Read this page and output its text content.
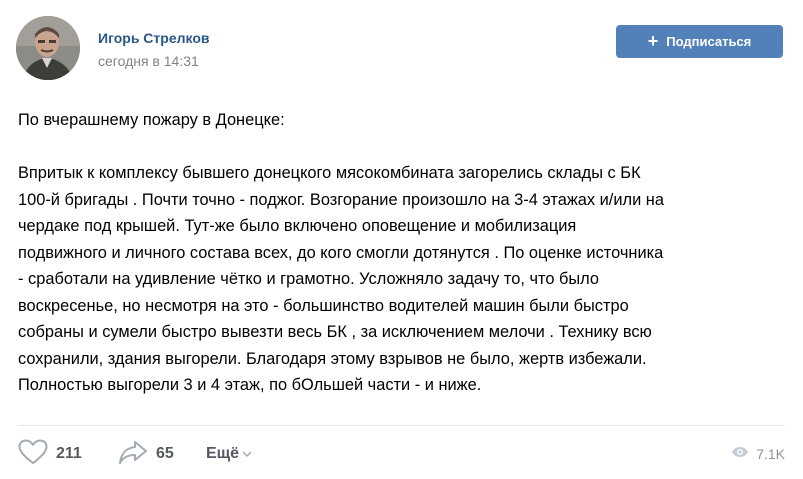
Игорь Стрелков
сегодня в 14:31
+ Подписаться

По вчерашнему пожару в Донецке:

Впритык к комплексу бывшего донецкого мясокомбината загорелись склады с БК

100-й бригады . Почти точно - поджог. Возгорание произошло на 3-4 этажах и/или на

чердаке под крышей. Тут-же было включено оповещение и мобилизация

подвижного и личного состава всех, до кого смогли дотянутся . По оценке источника

- сработали на удивление чётко и грамотно. Усложняло задачу то, что было

воскресенье, но несмотря на это - большинство водителей машин были быстро

собраны и сумели быстро вывезти весь БК , за исключением мелочи . Технику всю

сохранили, здания выгорели. Благодаря этому взрывов не было, жертв избежали.

Полностью выгорели 3 и 4 этаж, по бОльшей части - и ниже.

211	65 Ещё	7.1K
